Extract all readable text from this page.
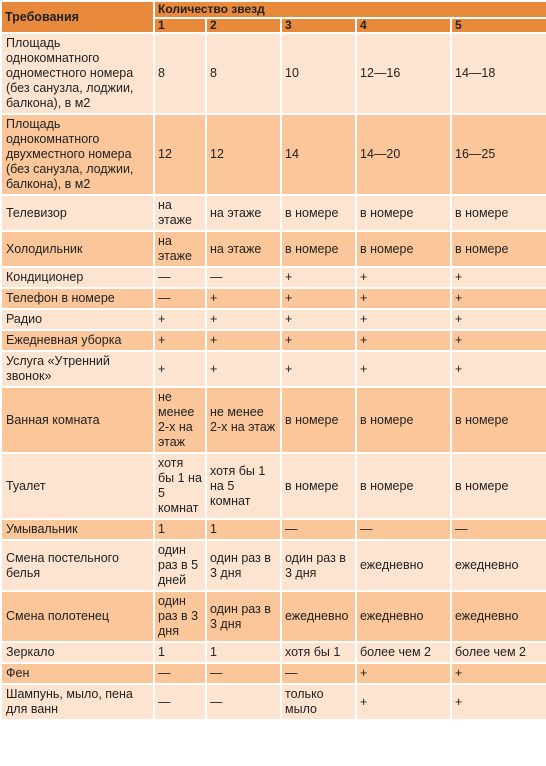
Требования	Количество звезд				
	1	2	3	4	5
Площадь однокомнатного одноместного номера (без санузла, лоджии, балкона), в м2	8	8	10	12—16	14—18
Площадь однокомнатного двухместного номера (без санузла, лоджии, балкона), в м2	12	12	14	14—20	16—25
Телевизор	на этаже	на этаже	в номере	в номере	в номере
Холодильник	на этаже	на этаже	в номере	в номере	в номере
Кондиционер	—	—	+	+	+
Телефон в номере	—	+	+	+	+
Радио	+	+	+	+	+
Ежедневная уборка	+	+	+	+	+
Услуга «Утренний звонок»	+	+	+	+	+
Ванная комната	не менее 2-х на этаж	не менее 2-х на этаж	в номере	в номере	в номере
Туалет	хотя бы 1 на 5 комнат	хотя бы 1 на 5 комнат	в номере	в номере	в номере
Умывальник	1	1	—	—	—
Смена постельного белья	один раз в 5 дней	один раз в 3 дня	один раз в 3 дня	ежедневно	ежедневно
Смена полотенец	один раз в 3 дня	один раз в 3 дня	ежедневно	ежедневно	ежедневно
Зеркало	1	1	хотя бы 1	более чем 2	более чем 2
Фен	—	—	—	+	+
Шампунь, мыло, пена для ванн	—	—	только мыло	+	+
